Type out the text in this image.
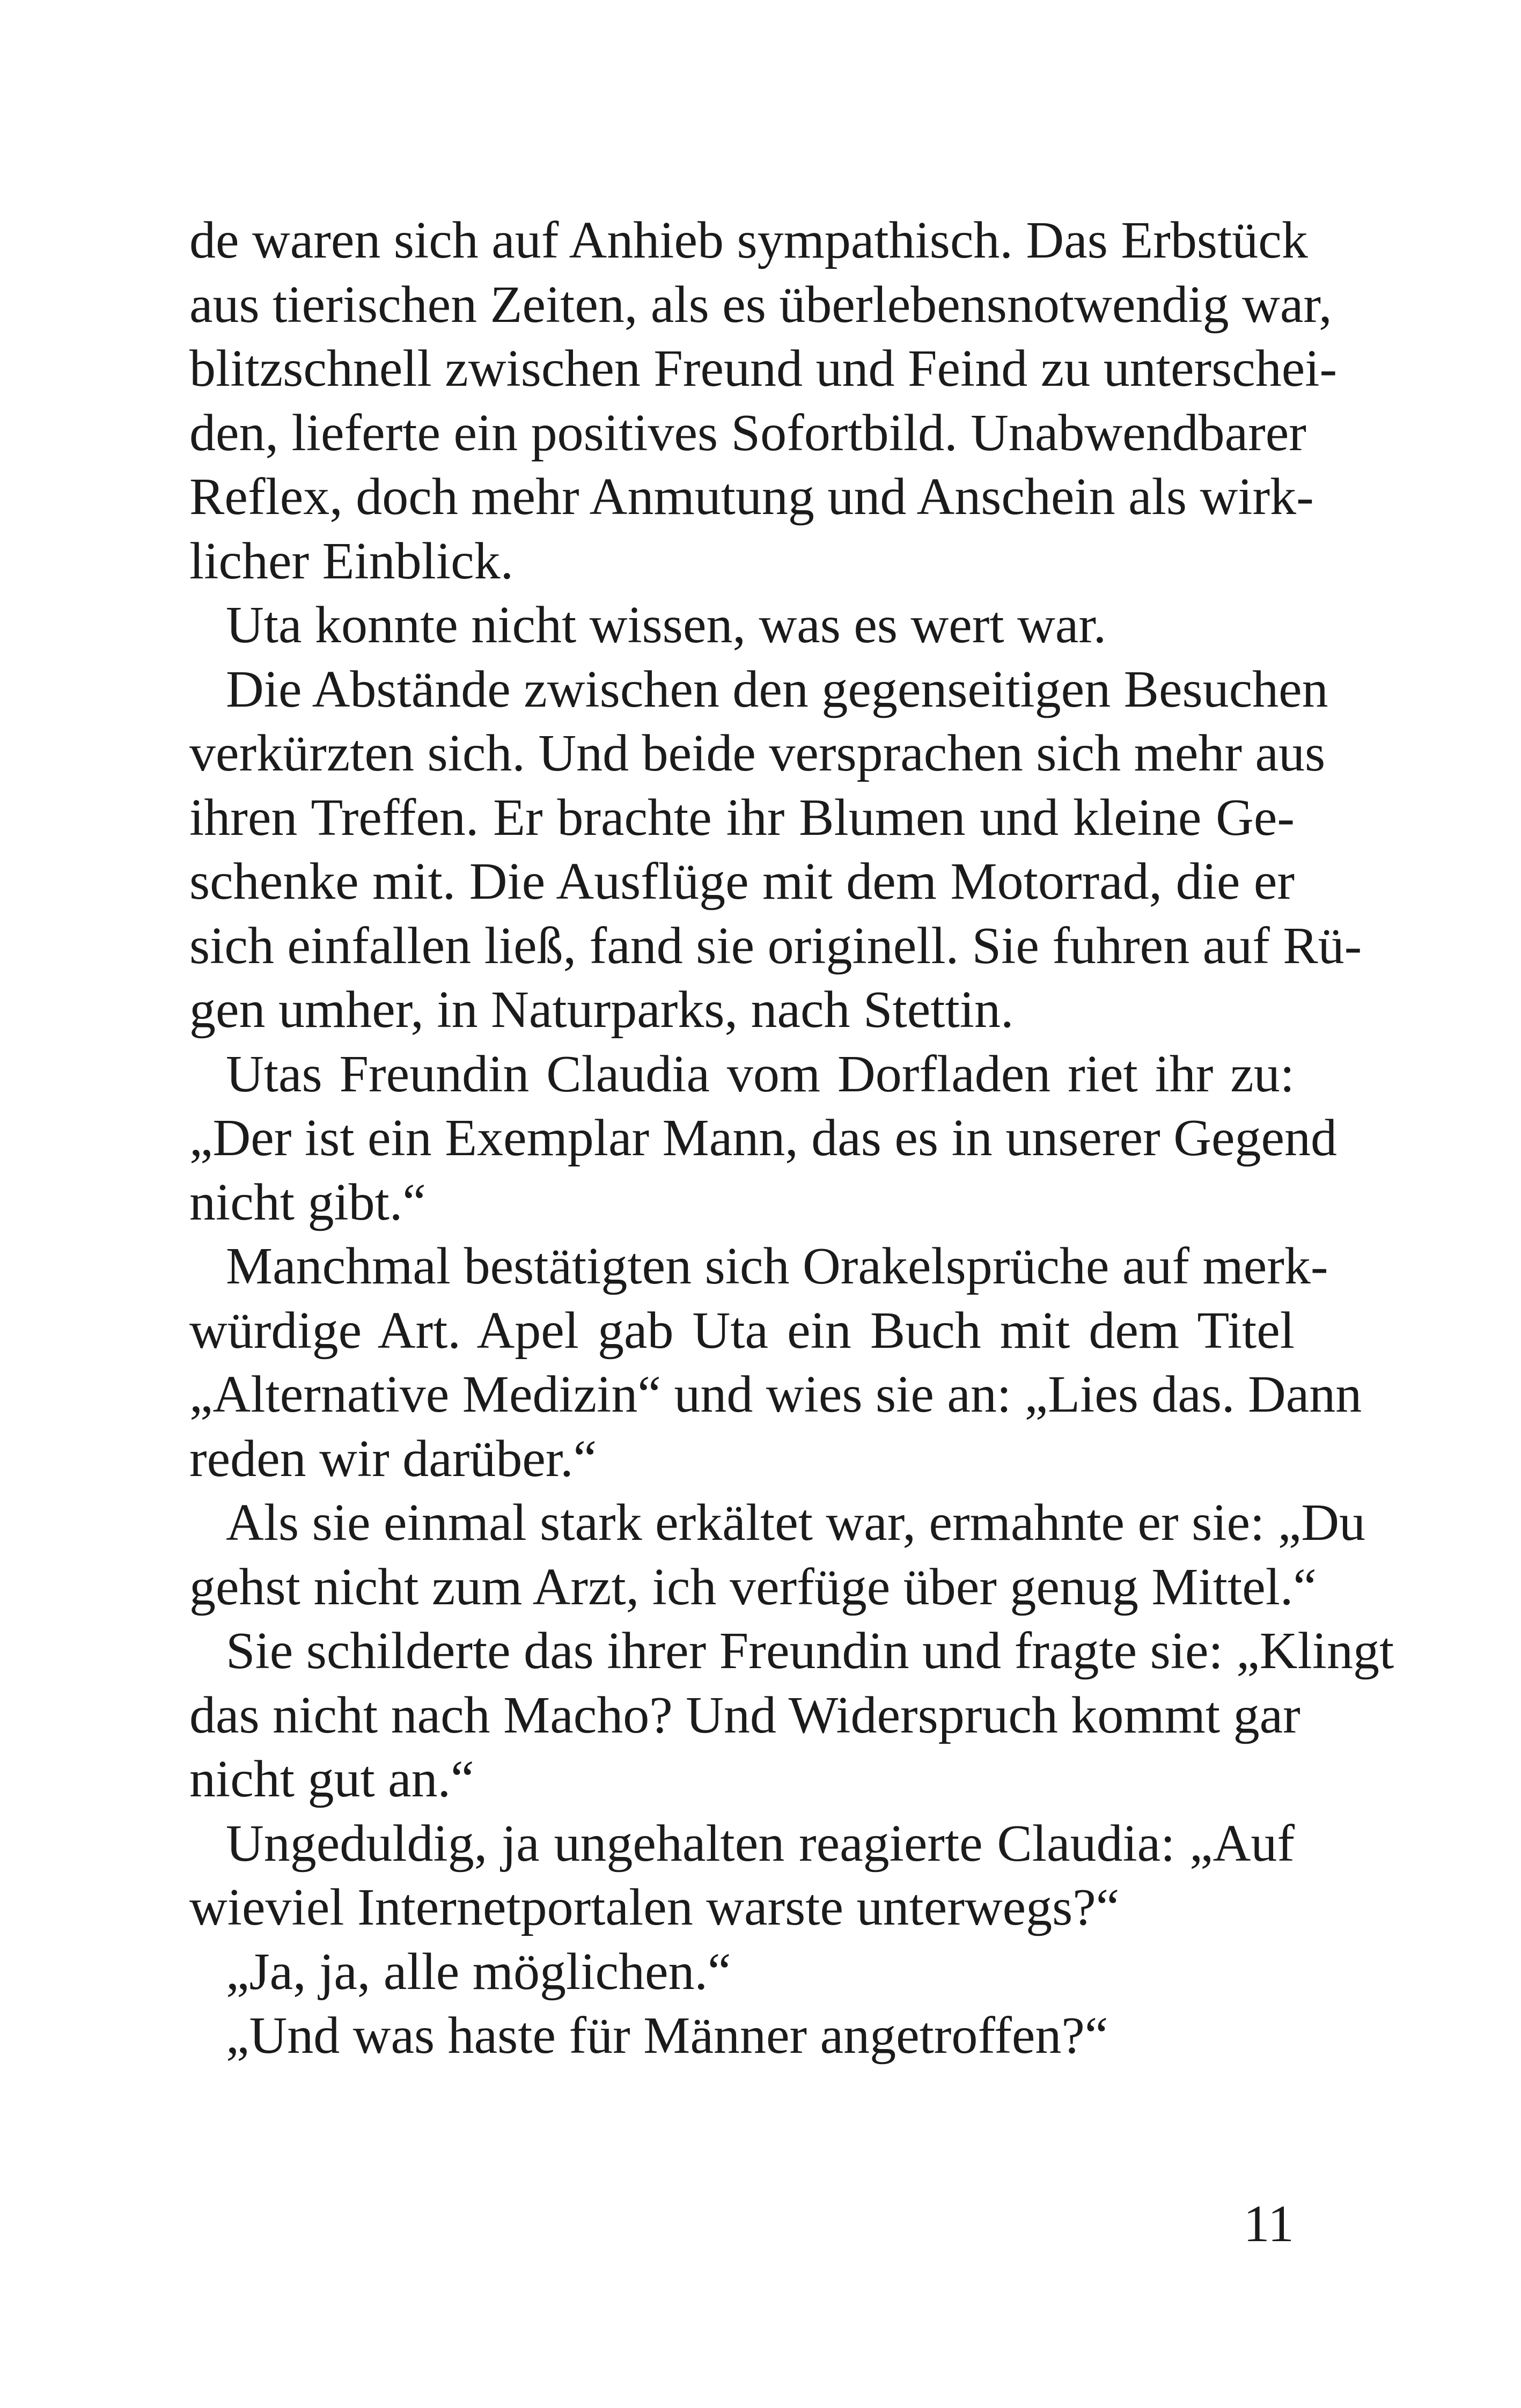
de waren sich auf Anhieb sympathisch. Das Erbstück
aus tierischen Zeiten, als es überlebensnotwendig war,
blitzschnell zwischen Freund und Feind zu unterschei-
den, lieferte ein positives Sofortbild. Unabwendbarer
Reflex, doch mehr Anmutung und Anschein als wirk-
licher Einblick.
Uta konnte nicht wissen, was es wert war.
Die Abstände zwischen den gegenseitigen Besuchen
verkürzten sich. Und beide versprachen sich mehr aus
ihren Treffen. Er brachte ihr Blumen und kleine Ge-
schenke mit. Die Ausflüge mit dem Motorrad, die er
sich einfallen ließ, fand sie originell. Sie fuhren auf Rü-
gen umher, in Naturparks, nach Stettin.
Utas Freundin Claudia vom Dorfladen riet ihr zu:
„Der ist ein Exemplar Mann, das es in unserer Gegend
nicht gibt.“
Manchmal bestätigten sich Orakelsprüche auf merk-
würdige Art. Apel gab Uta ein Buch mit dem Titel
„Alternative Medizin“ und wies sie an: „Lies das. Dann
reden wir darüber.“
Als sie einmal stark erkältet war, ermahnte er sie: „Du
gehst nicht zum Arzt, ich verfüge über genug Mittel.“
Sie schilderte das ihrer Freundin und fragte sie: „Klingt
das nicht nach Macho? Und Widerspruch kommt gar
nicht gut an.“
Ungeduldig, ja ungehalten reagierte Claudia: „Auf
wieviel Internetportalen warste unterwegs?“
„Ja, ja, alle möglichen.“
„Und was haste für Männer angetroffen?“
11
